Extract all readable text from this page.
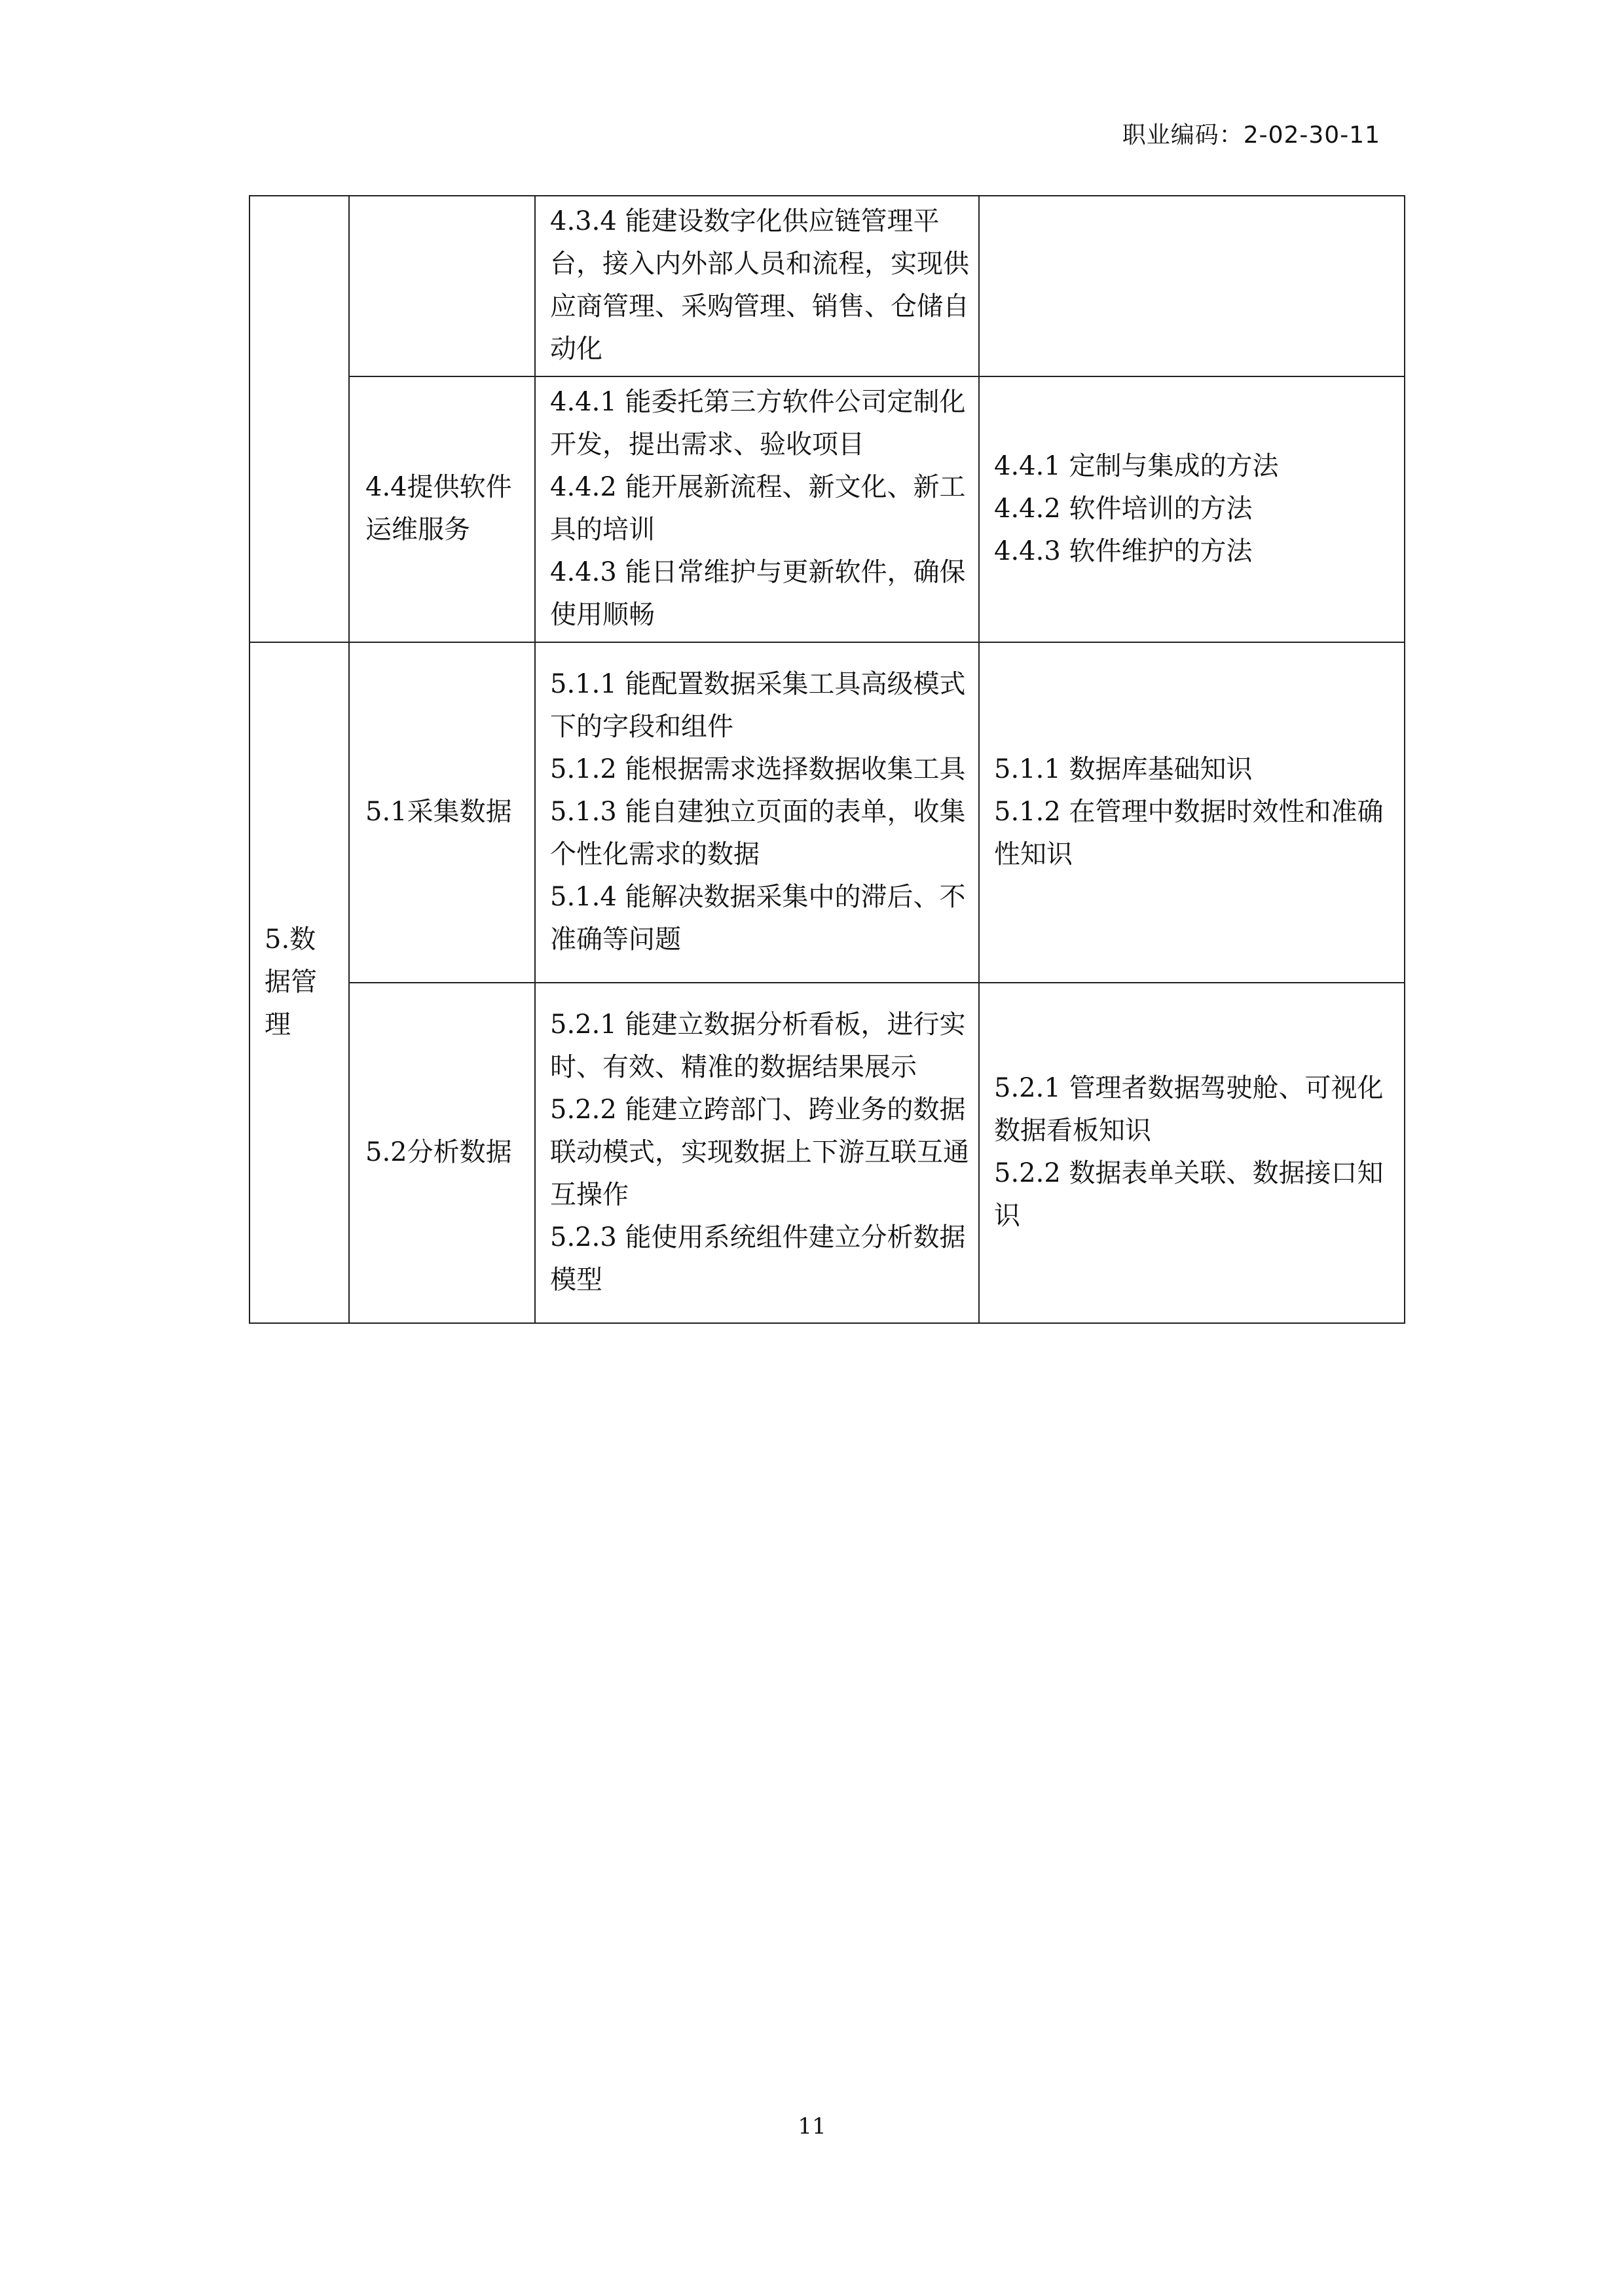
职业编码：2-02-30-11

		4.3.4 能建设数字化供应链管理平台，接入内外部人员和流程，实现供应商管理、采购管理、销售、仓储自动化	

	4.4提供软件运维服务	4.4.1 能委托第三方软件公司定制化开发，提出需求、验收项目
4.4.2 能开展新流程、新文化、新工具的培训
4.4.3 能日常维护与更新软件，确保使用顺畅	4.4.1 定制与集成的方法
4.4.2 软件培训的方法
4.4.3 软件维护的方法

5.数据管理	5.1采集数据	5.1.1 能配置数据采集工具高级模式下的字段和组件
5.1.2 能根据需求选择数据收集工具
5.1.3 能自建独立页面的表单，收集个性化需求的数据
5.1.4 能解决数据采集中的滞后、不准确等问题	5.1.1 数据库基础知识
5.1.2 在管理中数据时效性和准确性知识

	5.2分析数据	5.2.1 能建立数据分析看板，进行实时、有效、精准的数据结果展示
5.2.2 能建立跨部门、跨业务的数据联动模式，实现数据上下游互联互通互操作
5.2.3 能使用系统组件建立分析数据模型	5.2.1 管理者数据驾驶舱、可视化数据看板知识
5.2.2 数据表单关联、数据接口知识
11
